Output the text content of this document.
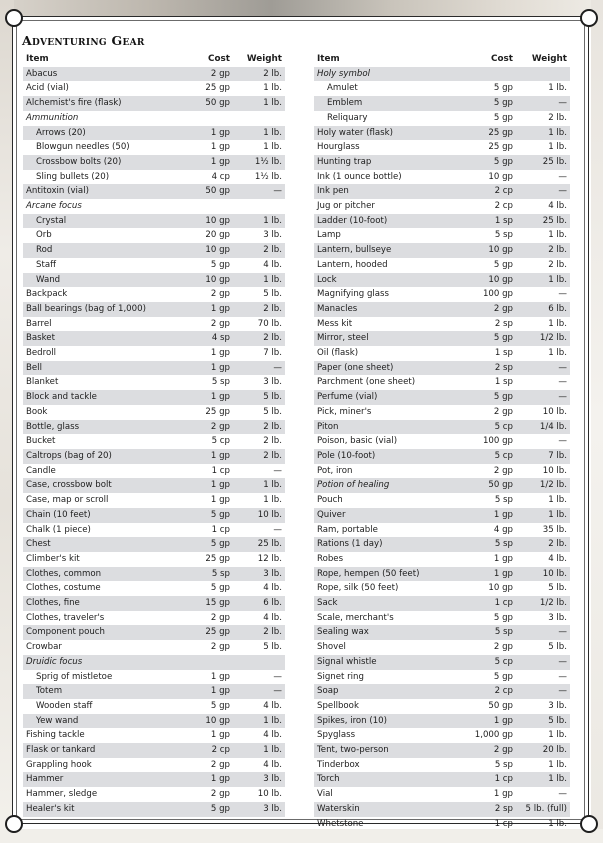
Adventuring Gear
Item	Cost	Weight
Abacus	2 gp	2 lb.
Acid (vial)	25 gp	1 lb.
Alchemist's fire (flask)	50 gp	1 lb.
Ammunition		
Arrows (20)	1 gp	1 lb.
Blowgun needles (50)	1 gp	1 lb.
Crossbow bolts (20)	1 gp	1½ lb.
Sling bullets (20)	4 cp	1½ lb.
Antitoxin (vial)	50 gp	—
Arcane focus		
Crystal	10 gp	1 lb.
Orb	20 gp	3 lb.
Rod	10 gp	2 lb.
Staff	5 gp	4 lb.
Wand	10 gp	1 lb.
Backpack	2 gp	5 lb.
Ball bearings (bag of 1,000)	1 gp	2 lb.
Barrel	2 gp	70 lb.
Basket	4 sp	2 lb.
Bedroll	1 gp	7 lb.
Bell	1 gp	—
Blanket	5 sp	3 lb.
Block and tackle	1 gp	5 lb.
Book	25 gp	5 lb.
Bottle, glass	2 gp	2 lb.
Bucket	5 cp	2 lb.
Caltrops (bag of 20)	1 gp	2 lb.
Candle	1 cp	—
Case, crossbow bolt	1 gp	1 lb.
Case, map or scroll	1 gp	1 lb.
Chain (10 feet)	5 gp	10 lb.
Chalk (1 piece)	1 cp	—
Chest	5 gp	25 lb.
Climber's kit	25 gp	12 lb.
Clothes, common	5 sp	3 lb.
Clothes, costume	5 gp	4 lb.
Clothes, fine	15 gp	6 lb.
Clothes, traveler's	2 gp	4 lb.
Component pouch	25 gp	2 lb.
Crowbar	2 gp	5 lb.
Druidic focus		
Sprig of mistletoe	1 gp	—
Totem	1 gp	—
Wooden staff	5 gp	4 lb.
Yew wand	10 gp	1 lb.
Fishing tackle	1 gp	4 lb.
Flask or tankard	2 cp	1 lb.
Grappling hook	2 gp	4 lb.
Hammer	1 gp	3 lb.
Hammer, sledge	2 gp	10 lb.
Healer's kit	5 gp	3 lb.
Item	Cost	Weight
Holy symbol		
Amulet	5 gp	1 lb.
Emblem	5 gp	—
Reliquary	5 gp	2 lb.
Holy water (flask)	25 gp	1 lb.
Hourglass	25 gp	1 lb.
Hunting trap	5 gp	25 lb.
Ink (1 ounce bottle)	10 gp	—
Ink pen	2 cp	—
Jug or pitcher	2 cp	4 lb.
Ladder (10-foot)	1 sp	25 lb.
Lamp	5 sp	1 lb.
Lantern, bullseye	10 gp	2 lb.
Lantern, hooded	5 gp	2 lb.
Lock	10 gp	1 lb.
Magnifying glass	100 gp	—
Manacles	2 gp	6 lb.
Mess kit	2 sp	1 lb.
Mirror, steel	5 gp	1/2 lb.
Oil (flask)	1 sp	1 lb.
Paper (one sheet)	2 sp	—
Parchment (one sheet)	1 sp	—
Perfume (vial)	5 gp	—
Pick, miner's	2 gp	10 lb.
Piton	5 cp	1/4 lb.
Poison, basic (vial)	100 gp	—
Pole (10-foot)	5 cp	7 lb.
Pot, iron	2 gp	10 lb.
Potion of healing	50 gp	1/2 lb.
Pouch	5 sp	1 lb.
Quiver	1 gp	1 lb.
Ram, portable	4 gp	35 lb.
Rations (1 day)	5 sp	2 lb.
Robes	1 gp	4 lb.
Rope, hempen (50 feet)	1 gp	10 lb.
Rope, silk (50 feet)	10 gp	5 lb.
Sack	1 cp	1/2 lb.
Scale, merchant's	5 gp	3 lb.
Sealing wax	5 sp	—
Shovel	2 gp	5 lb.
Signal whistle	5 cp	—
Signet ring	5 gp	—
Soap	2 cp	—
Spellbook	50 gp	3 lb.
Spikes, iron (10)	1 gp	5 lb.
Spyglass	1,000 gp	1 lb.
Tent, two-person	2 gp	20 lb.
Tinderbox	5 sp	1 lb.
Torch	1 cp	1 lb.
Vial	1 gp	—
Waterskin	2 sp	5 lb. (full)
Whetstone	1 cp	1 lb.
